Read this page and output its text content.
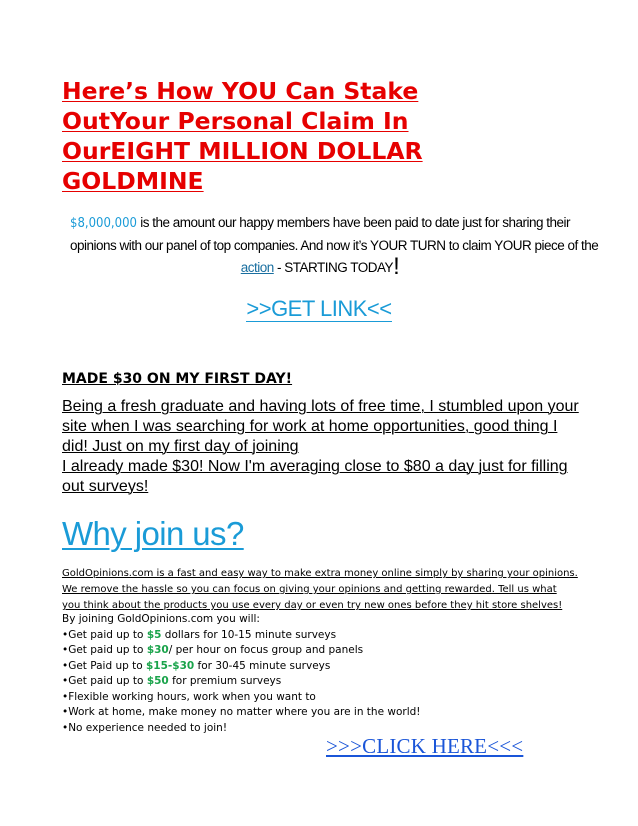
Here’s How YOU Can Stake
OutYour Personal Claim In
OurEIGHT MILLION DOLLAR
GOLDMINE
$8,000,000 is the amount our happy members have been paid to date just for sharing their
opinions with our panel of top companies. And now it’s YOUR TURN to claim YOUR piece of the
action - STARTING TODAY!
>>GET LINK<<
MADE $30 ON MY FIRST DAY!
Being a fresh graduate and having lots of free time, I stumbled upon your
site when I was searching for work at home opportunities, good thing I
did! Just on my first day of joining
I already made $30! Now I'm averaging close to $80 a day just for filling
out surveys!
Why join us?
GoldOpinions.com is a fast and easy way to make extra money online simply by sharing your opinions.
We remove the hassle so you can focus on giving your opinions and getting rewarded. Tell us what
you think about the products you use every day or even try new ones before they hit store shelves!
By joining GoldOpinions.com you will:
•Get paid up to $5 dollars for 10-15 minute surveys
•Get paid up to $30/ per hour on focus group and panels
•Get Paid up to $15-$30 for 30-45 minute surveys
•Get paid up to $50 for premium surveys
•Flexible working hours, work when you want to
•Work at home, make money no matter where you are in the world!
•No experience needed to join!
>>>CLICK HERE<<<
